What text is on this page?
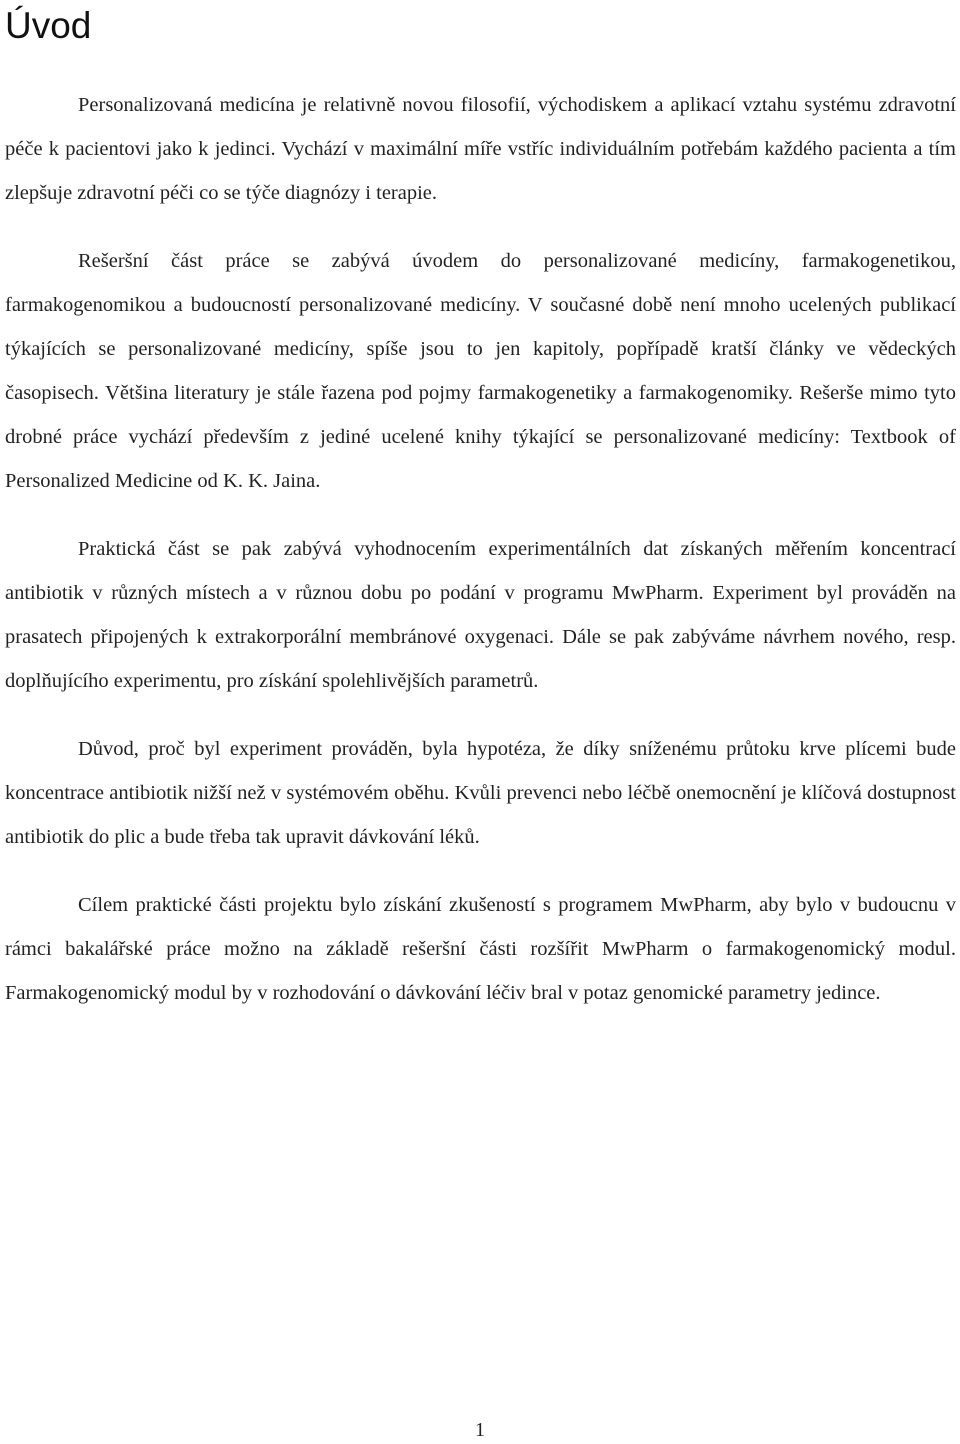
Úvod

Personalizovaná medicína je relativně novou filosofií, východiskem a aplikací vztahu systému zdravotní péče k pacientovi jako k jedinci. Vychází v maximální míře vstříc individuálním potřebám každého pacienta a tím zlepšuje zdravotní péči co se týče diagnózy i terapie.

Rešeršní část práce se zabývá úvodem do personalizované medicíny, farmakogenetikou, farmakogenomikou a budoucností personalizované medicíny. V současné době není mnoho ucelených publikací týkajících se personalizované medicíny, spíše jsou to jen kapitoly, popřípadě kratší články ve vědeckých časopisech. Většina literatury je stále řazena pod pojmy farmakogenetiky a farmakogenomiky. Rešerše mimo tyto drobné práce vychází především z jediné ucelené knihy týkající se personalizované medicíny: Textbook of Personalized Medicine od K. K. Jaina.

Praktická část se pak zabývá vyhodnocením experimentálních dat získaných měřením koncentrací antibiotik v různých místech a v různou dobu po podání v programu MwPharm. Experiment byl prováděn na prasatech připojených k extrakorporální membránové oxygenaci. Dále se pak zabýváme návrhem nového, resp. doplňujícího experimentu, pro získání spolehlivějších parametrů.

Důvod, proč byl experiment prováděn, byla hypotéza, že díky sníženému průtoku krve plícemi bude koncentrace antibiotik nižší než v systémovém oběhu. Kvůli prevenci nebo léčbě onemocnění je klíčová dostupnost antibiotik do plic a bude třeba tak upravit dávkování léků.

Cílem praktické části projektu bylo získání zkušeností s programem MwPharm, aby bylo v budoucnu v rámci bakalářské práce možno na základě rešeršní části rozšířit MwPharm o farmakogenomický modul. Farmakogenomický modul by v rozhodování o dávkování léčiv bral v potaz genomické parametry jedince.

1
